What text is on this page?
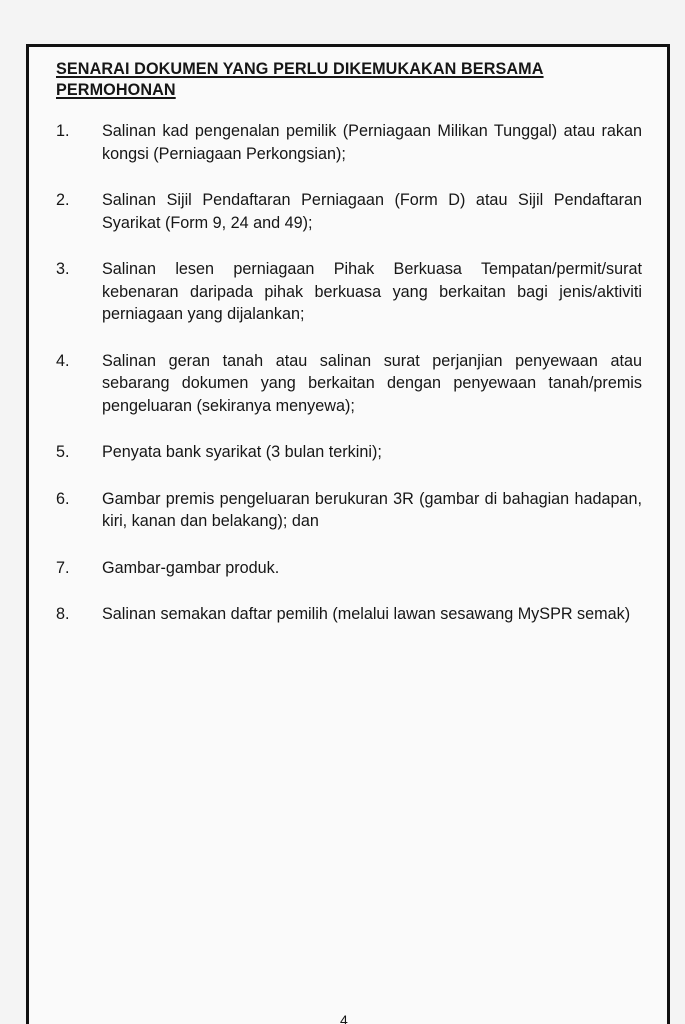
SENARAI DOKUMEN YANG PERLU DIKEMUKAKAN BERSAMA PERMOHONAN
1.	Salinan kad pengenalan pemilik (Perniagaan Milikan Tunggal) atau rakan kongsi (Perniagaan Perkongsian);
2.	Salinan Sijil Pendaftaran Perniagaan (Form D) atau Sijil Pendaftaran Syarikat (Form 9, 24 and 49);
3.	Salinan lesen perniagaan Pihak Berkuasa Tempatan/permit/surat kebenaran daripada pihak berkuasa yang berkaitan bagi jenis/aktiviti perniagaan yang dijalankan;
4.	Salinan geran tanah atau salinan surat perjanjian penyewaan atau sebarang dokumen yang berkaitan dengan penyewaan tanah/premis pengeluaran (sekiranya menyewa);
5.	Penyata bank syarikat (3 bulan terkini);
6.	Gambar premis pengeluaran berukuran 3R (gambar di bahagian hadapan, kiri, kanan dan belakang); dan
7.	Gambar-gambar produk.
8.	Salinan semakan daftar pemilih (melalui lawan sesawang MySPR semak)
4
